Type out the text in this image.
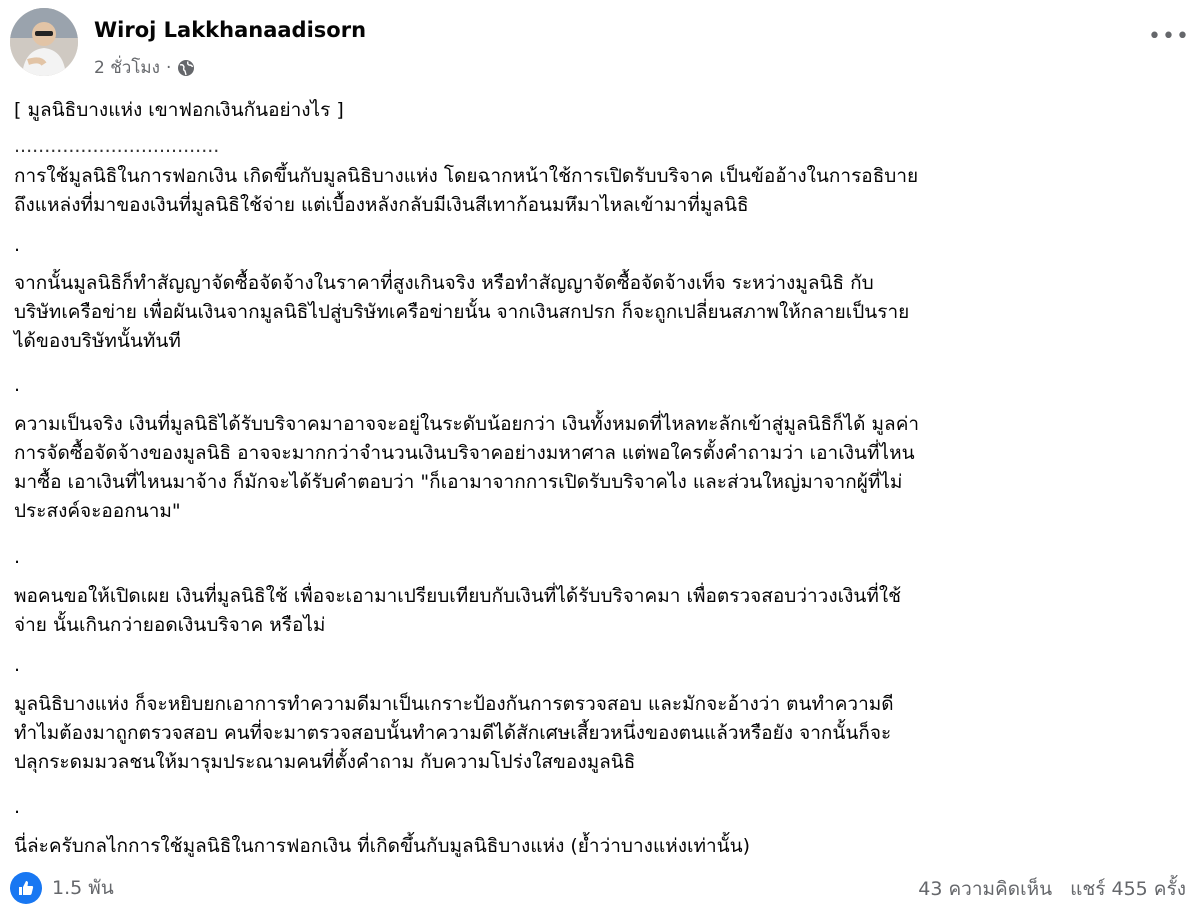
Wiroj Lakkhanaadisorn
2 ชั่วโมง ·
•••
[ มูลนิธิบางแห่ง เขาฟอกเงินกันอย่างไร ]
..................................
การใช้มูลนิธิในการฟอกเงิน เกิดขึ้นกับมูลนิธิบางแห่ง โดยฉากหน้าใช้การเปิดรับบริจาค เป็นข้ออ้างในการอธิบาย
ถึงแหล่งที่มาของเงินที่มูลนิธิใช้จ่าย แต่เบื้องหลังกลับมีเงินสีเทาก้อนมหึมาไหลเข้ามาที่มูลนิธิ
.
จากนั้นมูลนิธิก็ทำสัญญาจัดซื้อจัดจ้างในราคาที่สูงเกินจริง หรือทำสัญญาจัดซื้อจัดจ้างเท็จ ระหว่างมูลนิธิ กับ
บริษัทเครือข่าย เพื่อผันเงินจากมูลนิธิไปสู่บริษัทเครือข่ายนั้น จากเงินสกปรก ก็จะถูกเปลี่ยนสภาพให้กลายเป็นราย
ได้ของบริษัทนั้นทันที
.
ความเป็นจริง เงินที่มูลนิธิได้รับบริจาคมาอาจจะอยู่ในระดับน้อยกว่า เงินทั้งหมดที่ไหลทะลักเข้าสู่มูลนิธิก็ได้ มูลค่า
การจัดซื้อจัดจ้างของมูลนิธิ อาจจะมากกว่าจำนวนเงินบริจาคอย่างมหาศาล แต่พอใครตั้งคำถามว่า เอาเงินที่ไหน
มาซื้อ เอาเงินที่ไหนมาจ้าง ก็มักจะได้รับคำตอบว่า "ก็เอามาจากการเปิดรับบริจาคไง และส่วนใหญ่มาจากผู้ที่ไม่
ประสงค์จะออกนาม"
.
พอคนขอให้เปิดเผย เงินที่มูลนิธิใช้ เพื่อจะเอามาเปรียบเทียบกับเงินที่ได้รับบริจาคมา เพื่อตรวจสอบว่าวงเงินที่ใช้
จ่าย นั้นเกินกว่ายอดเงินบริจาค หรือไม่
.
มูลนิธิบางแห่ง ก็จะหยิบยกเอาการทำความดีมาเป็นเกราะป้องกันการตรวจสอบ และมักจะอ้างว่า ตนทำความดี
ทำไมต้องมาถูกตรวจสอบ คนที่จะมาตรวจสอบนั้นทำความดีได้สักเศษเสี้ยวหนึ่งของตนแล้วหรือยัง จากนั้นก็จะ
ปลุกระดมมวลชนให้มารุมประณามคนที่ตั้งคำถาม กับความโปร่งใสของมูลนิธิ
.
นี่ล่ะครับกลไกการใช้มูลนิธิในการฟอกเงิน ที่เกิดขึ้นกับมูลนิธิบางแห่ง (ย้ำว่าบางแห่งเท่านั้น)
1.5 พัน	43 ความคิดเห็น แชร์ 455 ครั้ง
